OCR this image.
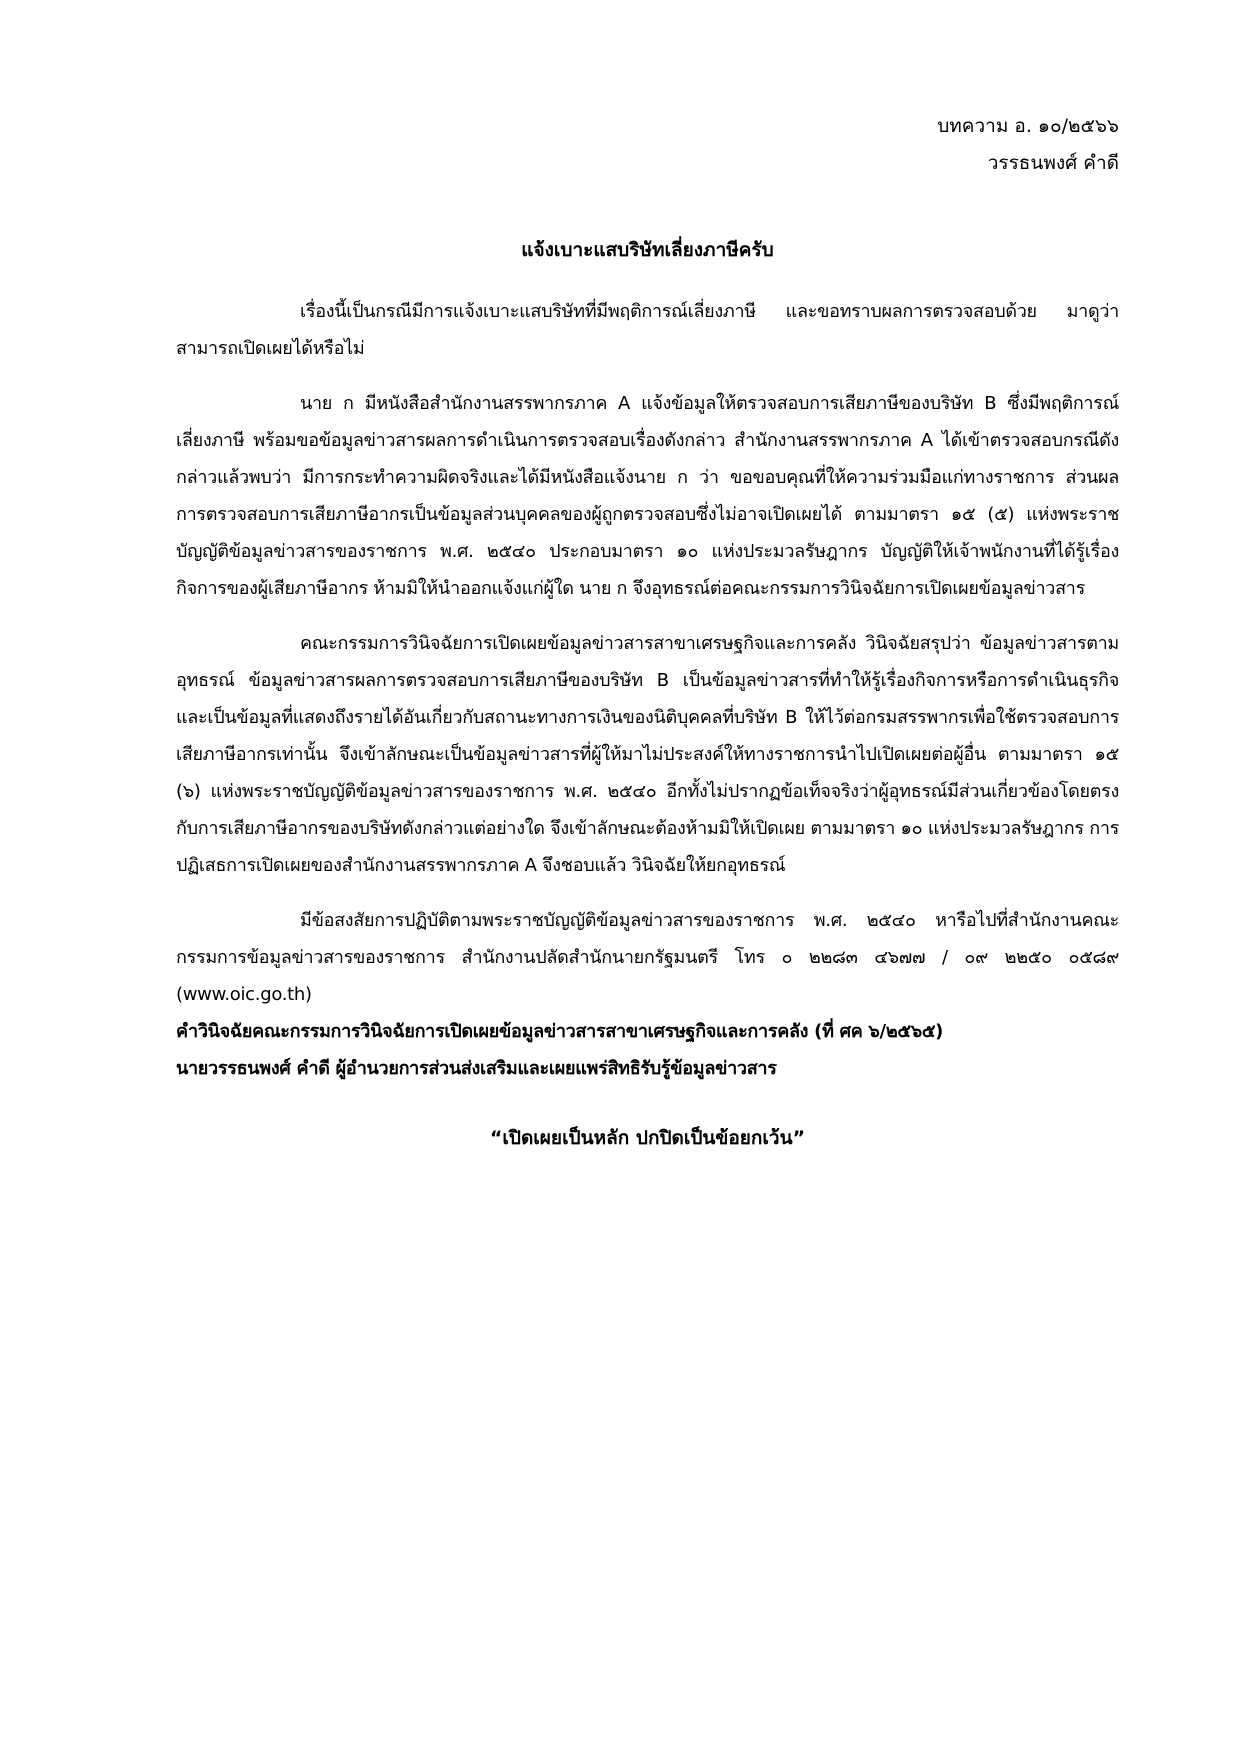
บทความ อ. ๑๐/๒๕๖๖
วรรธนพงศ์ คำดี
แจ้งเบาะแสบริษัทเลี่ยงภาษีครับ

เรื่องนี้เป็นกรณีมีการแจ้งเบาะแสบริษัทที่มีพฤติการณ์เลี่ยงภาษี และขอทราบผลการตรวจสอบด้วย มาดูว่า สามารถเปิดเผยได้หรือไม่

นาย ก มีหนังสือสำนักงานสรรพากรภาค A แจ้งข้อมูลให้ตรวจสอบการเสียภาษีของบริษัท B ซึ่งมีพฤติการณ์เลี่ยงภาษี พร้อมขอข้อมูลข่าวสารผลการดำเนินการตรวจสอบเรื่องดังกล่าว สำนักงานสรรพากรภาค A ได้เข้าตรวจสอบกรณีดังกล่าวแล้วพบว่า มีการกระทำความผิดจริงและได้มีหนังสือแจ้งนาย ก ว่า ขอขอบคุณที่ให้ความร่วมมือแก่ทางราชการ ส่วนผลการตรวจสอบการเสียภาษีอากรเป็นข้อมูลส่วนบุคคลของผู้ถูกตรวจสอบซึ่งไม่อาจเปิดเผยได้ ตามมาตรา ๑๕ (๕) แห่งพระราชบัญญัติข้อมูลข่าวสารของราชการ พ.ศ. ๒๕๔๐ ประกอบมาตรา ๑๐ แห่งประมวลรัษฎากร บัญญัติให้เจ้าพนักงานที่ได้รู้เรื่องกิจการของผู้เสียภาษีอากร ห้ามมิให้นำออกแจ้งแก่ผู้ใด นาย ก จึงอุทธรณ์ต่อคณะกรรมการวินิจฉัยการเปิดเผยข้อมูลข่าวสาร

คณะกรรมการวินิจฉัยการเปิดเผยข้อมูลข่าวสารสาขาเศรษฐกิจและการคลัง วินิจฉัยสรุปว่า ข้อมูลข่าวสารตามอุทธรณ์ ข้อมูลข่าวสารผลการตรวจสอบการเสียภาษีของบริษัท B เป็นข้อมูลข่าวสารที่ทำให้รู้เรื่องกิจการหรือการดำเนินธุรกิจและเป็นข้อมูลที่แสดงถึงรายได้อันเกี่ยวกับสถานะทางการเงินของนิติบุคคลที่บริษัท B ให้ไว้ต่อกรมสรรพากรเพื่อใช้ตรวจสอบการเสียภาษีอากรเท่านั้น จึงเข้าลักษณะเป็นข้อมูลข่าวสารที่ผู้ให้มาไม่ประสงค์ให้ทางราชการนำไปเปิดเผยต่อผู้อื่น ตามมาตรา ๑๕ (๖) แห่งพระราชบัญญัติข้อมูลข่าวสารของราชการ พ.ศ. ๒๕๔๐ อีกทั้งไม่ปรากฏข้อเท็จจริงว่าผู้อุทธรณ์มีส่วนเกี่ยวข้องโดยตรงกับการเสียภาษีอากรของบริษัทดังกล่าวแต่อย่างใด จึงเข้าลักษณะต้องห้ามมิให้เปิดเผย ตามมาตรา ๑๐ แห่งประมวลรัษฎากร การปฏิเสธการเปิดเผยของสำนักงานสรรพากรภาค A จึงชอบแล้ว วินิจฉัยให้ยกอุทธรณ์

มีข้อสงสัยการปฏิบัติตามพระราชบัญญัติข้อมูลข่าวสารของราชการ พ.ศ. ๒๕๔๐ หารือไปที่สำนักงานคณะกรรมการข้อมูลข่าวสารของราชการ สำนักงานปลัดสำนักนายกรัฐมนตรี โทร ๐ ๒๒๘๓ ๔๖๗๗ / ๐๙ ๒๒๕๐ ๐๕๘๙ (www.oic.go.th)

คำวินิจฉัยคณะกรรมการวินิจฉัยการเปิดเผยข้อมูลข่าวสารสาขาเศรษฐกิจและการคลัง (ที่ ศค ๖/๒๕๖๕)

นายวรรธนพงศ์ คำดี ผู้อำนวยการส่วนส่งเสริมและเผยแพร่สิทธิรับรู้ข้อมูลข่าวสาร

“เปิดเผยเป็นหลัก ปกปิดเป็นข้อยกเว้น”
